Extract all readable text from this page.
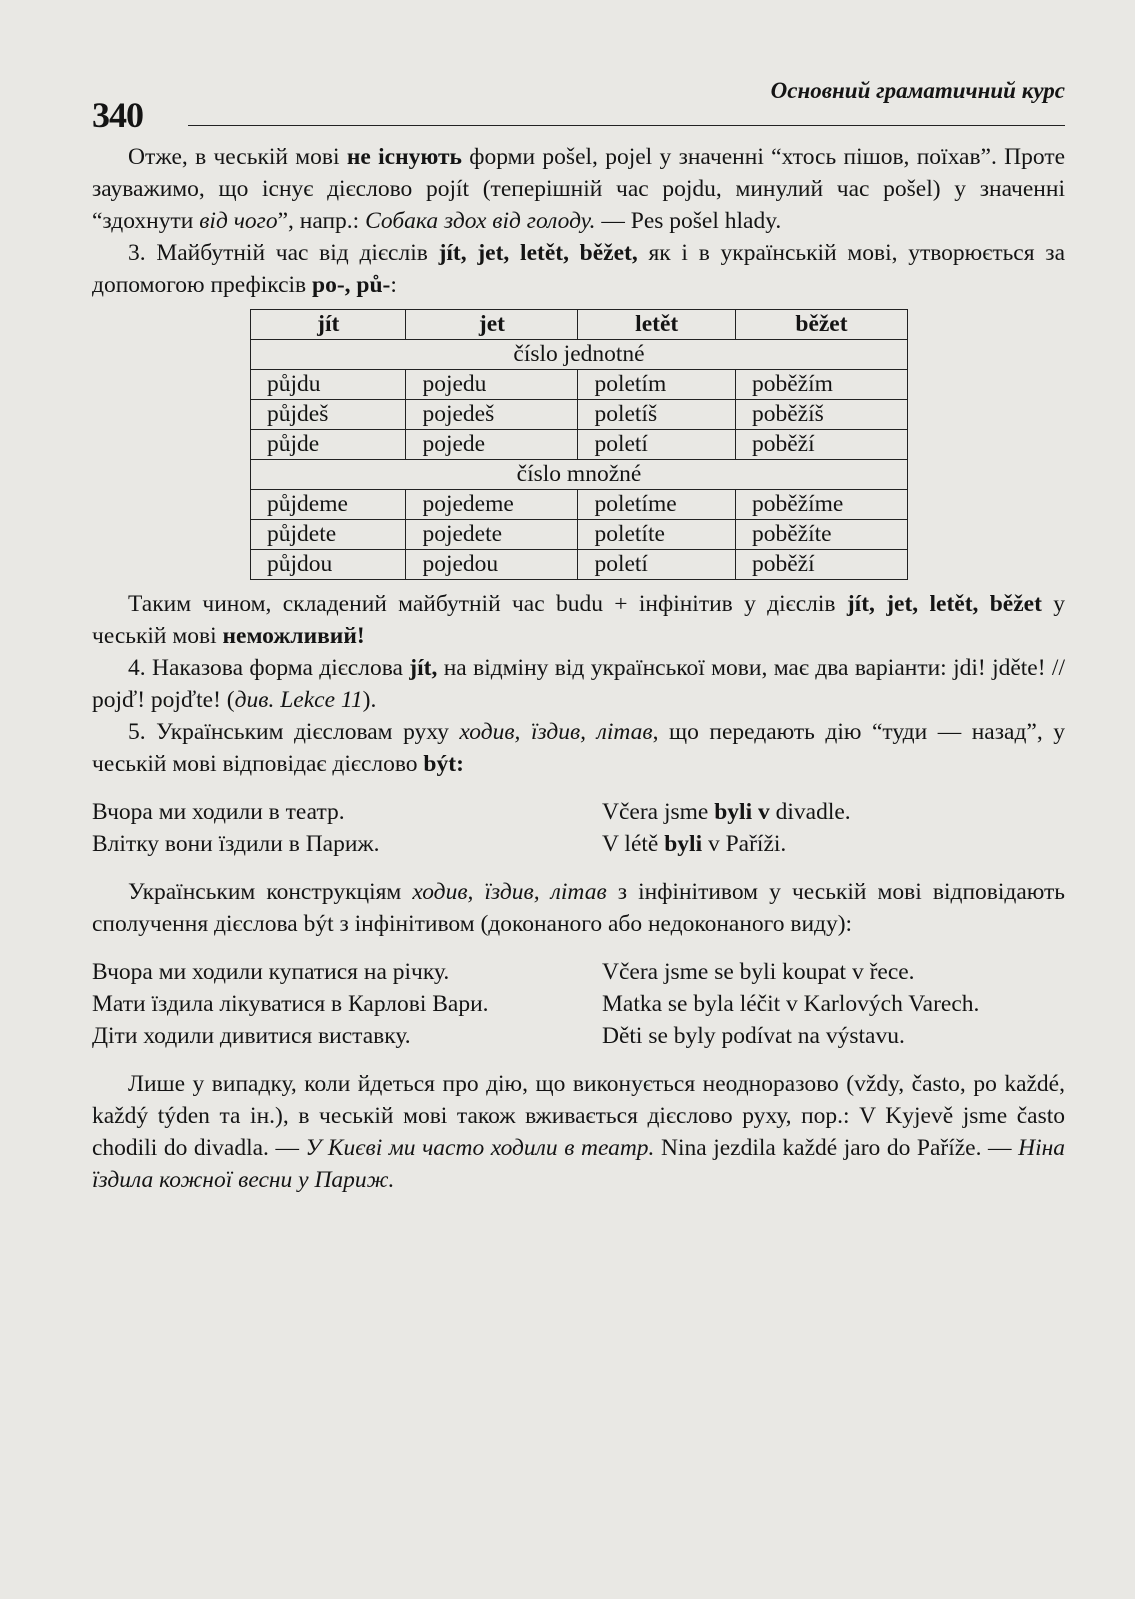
340
Основний граматичний курс

Отже, в чеській мові не існують форми pošel, pojel у значенні “хтось пішов, поїхав”. Проте зауважимо, що існує дієслово pojít (теперішній час pojdu, минулий час pošel) у значенні “здохнути від чого”, напр.: Собака здох від голоду. — Pes pošel hlady.

3. Майбутній час від дієслів jít, jet, letět, běžet, як і в українській мові, утворюється за допомогою префіксів po-, pů-:

jít	jet	letět	běžet
číslo jednotné			
půjdu	pojedu	poletím	poběžím
půjdeš	pojedeš	poletíš	poběžíš
půjde	pojede	poletí	poběží
číslo množné			
půjdeme	pojedeme	poletíme	poběžíme
půjdete	pojedete	poletíte	poběžíte
půjdou	pojedou	poletí	poběží

Таким чином, складений майбутній час budu + інфінітив у дієслів jít, jet, letět, běžet у чеській мові неможливий!

4. Наказова форма дієслова jít, на відміну від української мови, має два варіанти: jdi! jděte! // pojď! pojďte! (див. Lekce 11).

5. Українським дієсловам руху ходив, їздив, літав, що передають дію “туди — назад”, у чеській мові відповідає дієслово být:

Вчора ми ходили в театр.	Včera jsme byli v divadle.
Влітку вони їздили в Париж.	V létě byli v Paříži.

Українським конструкціям ходив, їздив, літав з інфінітивом у чеській мові відповідають сполучення дієслова být з інфінітивом (доконаного або недоконаного виду):

Вчора ми ходили купатися на річку.	Včera jsme se byli koupat v řece.
Мати їздила лікуватися в Карлові Вари.	Matka se byla léčit v Karlových Varech.
Діти ходили дивитися виставку.	Děti se byly podívat na výstavu.

Лише у випадку, коли йдеться про дію, що виконується неодноразово (vždy, často, po každé, každý týden та ін.), в чеській мові також вживається дієслово руху, пор.: V Kyjevě jsme často chodili do divadla. — У Києві ми часто ходили в театр. Nina jezdila každé jaro do Paříže. — Ніна їздила кожної весни у Париж.
